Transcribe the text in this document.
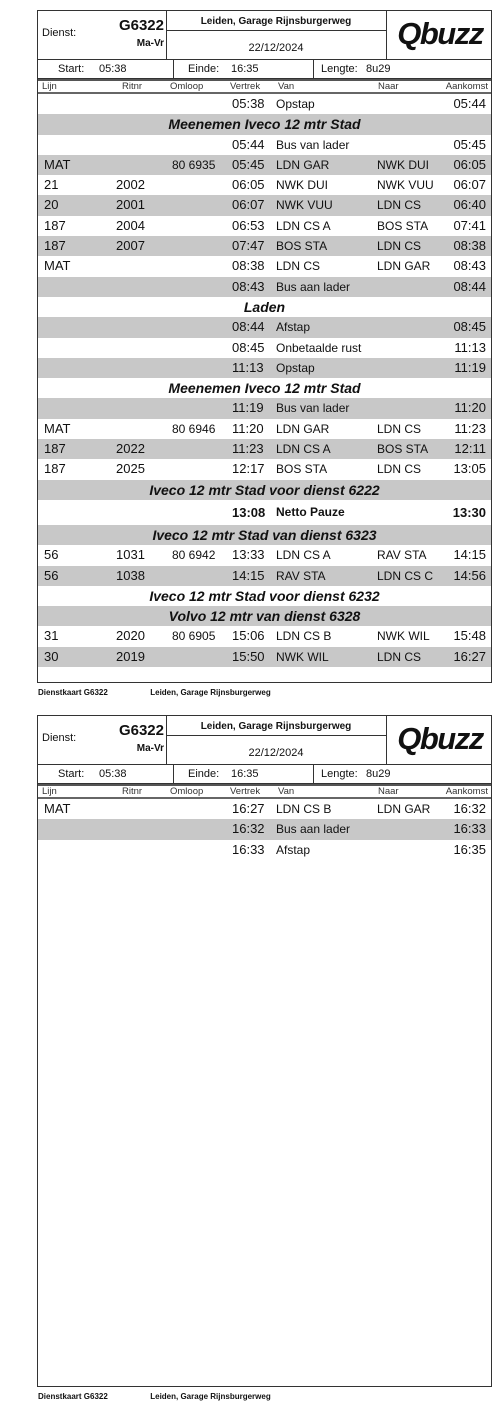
Dienst:	G6322
Ma-Vr
Leiden, Garage Rijnsburgerweg
22/12/2024	Qbuzz
Start: 05:38	Einde: 16:35	Lengte: 8u29
Lijn	Ritnr	Omloop	Vertrek Van	Naar	Aankomst
05:38 Opstap	05:44
Meenemen Iveco 12 mtr Stad
05:44 Bus van lader	05:45
MAT	80 6935 05:45 LDN GAR	NWK DUI 06:05
21	2002	06:05 NWK DUI	NWK VUU 06:07
20	2001	06:07 NWK VUU	LDN CS 06:40
187	2004	06:53 LDN CS A	BOS STA 07:41
187	2007	07:47 BOS STA	LDN CS 08:38
MAT	08:38 LDN CS	LDN GAR 08:43
08:43 Bus aan lader	08:44
Laden
08:44 Afstap	08:45
08:45 Onbetaalde rust	11:13
11:13 Opstap	11:19
Meenemen Iveco 12 mtr Stad
11:19 Bus van lader	11:20
MAT	80 6946 11:20 LDN GAR	LDN CS	11:23
187	2022	11:23 LDN CS A	BOS STA 12:11
187	2025	12:17 BOS STA	LDN CS 13:05
Iveco 12 mtr Stad voor dienst 6222
13:08 Netto Pauze	13:30
Iveco 12 mtr Stad van dienst 6323
56	1031 80 6942 13:33 LDN CS A	RAV STA 14:15
56	1038	14:15 RAV STA	LDN CS C 14:56
Iveco 12 mtr Stad voor dienst 6232
Volvo 12 mtr van dienst 6328
31	2020 80 6905 15:06 LDN CS B	NWK WIL 15:48
30	2019	15:50 NWK WIL	LDN CS 16:27
Dienstkaart G6322	Leiden, Garage Rijnsburgerweg
Dienst:	G6322
Ma-Vr
Leiden, Garage Rijnsburgerweg
22/12/2024	Qbuzz
Start: 05:38	Einde: 16:35	Lengte: 8u29
Lijn	Ritnr	Omloop	Vertrek Van	Naar	Aankomst
MAT	16:27 LDN CS B	LDN GAR 16:32
16:32 Bus aan lader	16:33
16:33 Afstap	16:35
Dienstkaart G6322	Leiden, Garage Rijnsburgerweg
